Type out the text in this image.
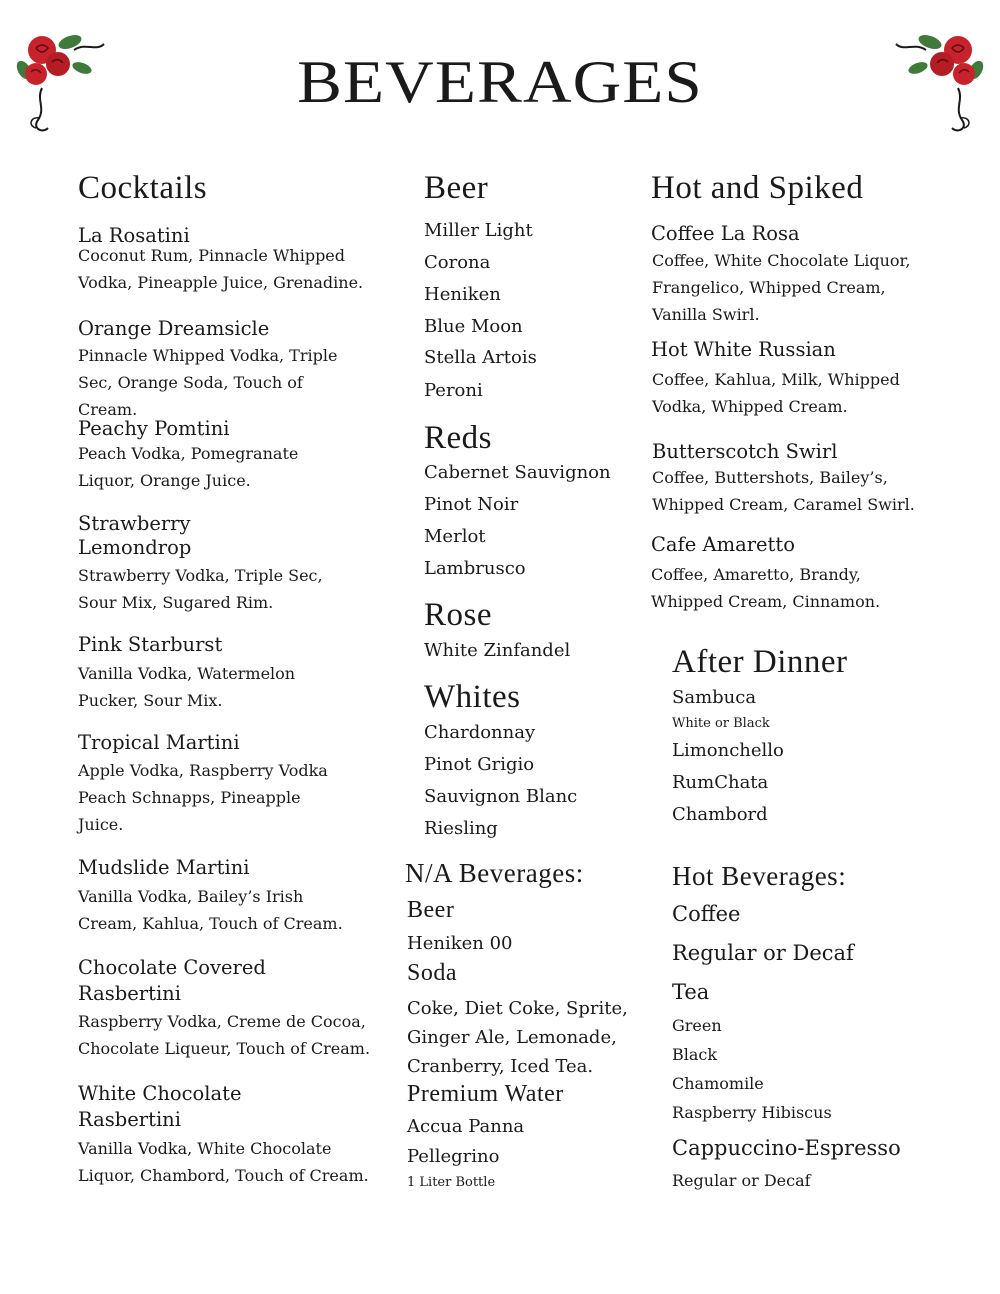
BEVERAGES
Cocktails
La Rosatini
Coconut Rum, Pinnacle Whipped Vodka, Pineapple Juice, Grenadine.
Orange Dreamsicle
Pinnacle Whipped Vodka, Triple Sec, Orange Soda, Touch of Cream.
Peachy Pomtini
Peach Vodka, Pomegranate Liquor, Orange Juice.
Strawberry Lemondrop
Strawberry Vodka, Triple Sec, Sour Mix, Sugared Rim.
Pink Starburst
Vanilla Vodka, Watermelon Pucker, Sour Mix.
Tropical Martini
Apple Vodka, Raspberry Vodka Peach Schnapps, Pineapple Juice.
Mudslide Martini
Vanilla Vodka, Bailey’s Irish Cream, Kahlua, Touch of Cream.
Chocolate Covered Rasbertini
Raspberry Vodka, Creme de Cocoa, Chocolate Liqueur, Touch of Cream.
White Chocolate Rasbertini
Vanilla Vodka, White Chocolate Liquor, Chambord, Touch of Cream.
Beer
Miller Light
Corona
Heniken
Blue Moon
Stella Artois
Peroni
Reds
Cabernet Sauvignon
Pinot Noir
Merlot
Lambrusco
Rose
White Zinfandel
Whites
Chardonnay
Pinot Grigio
Sauvignon Blanc
Riesling
N/A Beverages:
Beer
Heniken 00
Soda
Coke, Diet Coke, Sprite, Ginger Ale, Lemonade, Cranberry, Iced Tea.
Premium Water
Accua Panna
Pellegrino
1 Liter Bottle
Hot and Spiked
Coffee La Rosa
Coffee, White Chocolate Liquor, Frangelico, Whipped Cream, Vanilla Swirl.
Hot White Russian
Coffee, Kahlua, Milk, Whipped Vodka, Whipped Cream.
Butterscotch Swirl
Coffee, Buttershots, Bailey’s, Whipped Cream, Caramel Swirl.
Cafe Amaretto
Coffee, Amaretto, Brandy, Whipped Cream, Cinnamon.
After Dinner
Sambuca
White or Black
Limonchello
RumChata
Chambord
Hot Beverages:
Coffee
Regular or Decaf
Tea
Green
Black
Chamomile
Raspberry Hibiscus
Cappuccino-Espresso
Regular or Decaf
